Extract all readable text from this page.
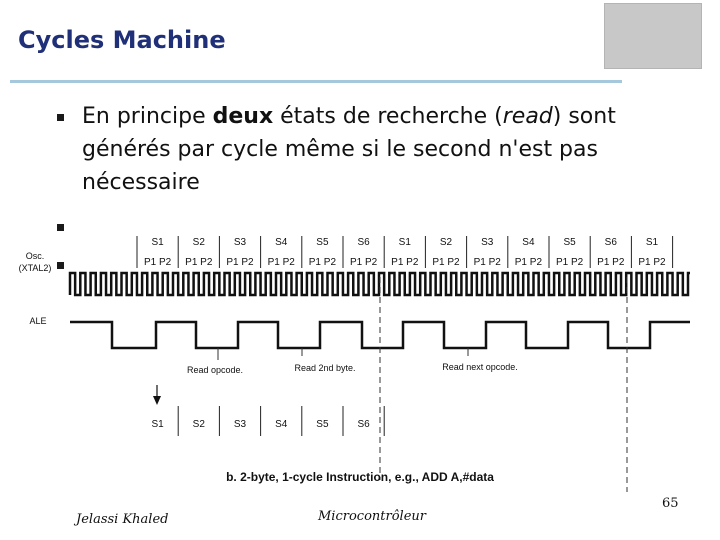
Cycles Machine
En principe deux états de recherche (read) sont générés par cycle même si le second n'est pas nécessaire
S1	S2	S3	S4	S5	S6	S1	S2	S3	S4	S5	S6	S1
P1 P2 P1 P2 P1 P2 P1 P2 P1 P2 P1 P2 P1 P2 P1 P2 P1 P2 P1 P2 P1 P2 P1 P2 P1 P2
Osc.
(XTAL2)
ALE
Read opcode.	Read 2nd byte.	Read next opcode.
S1	S2	S3	S4	S5	S6
b. 2-byte, 1-cycle Instruction, e.g., ADD A,#data
Jelassi Khaled	Microcontrôleur
65
